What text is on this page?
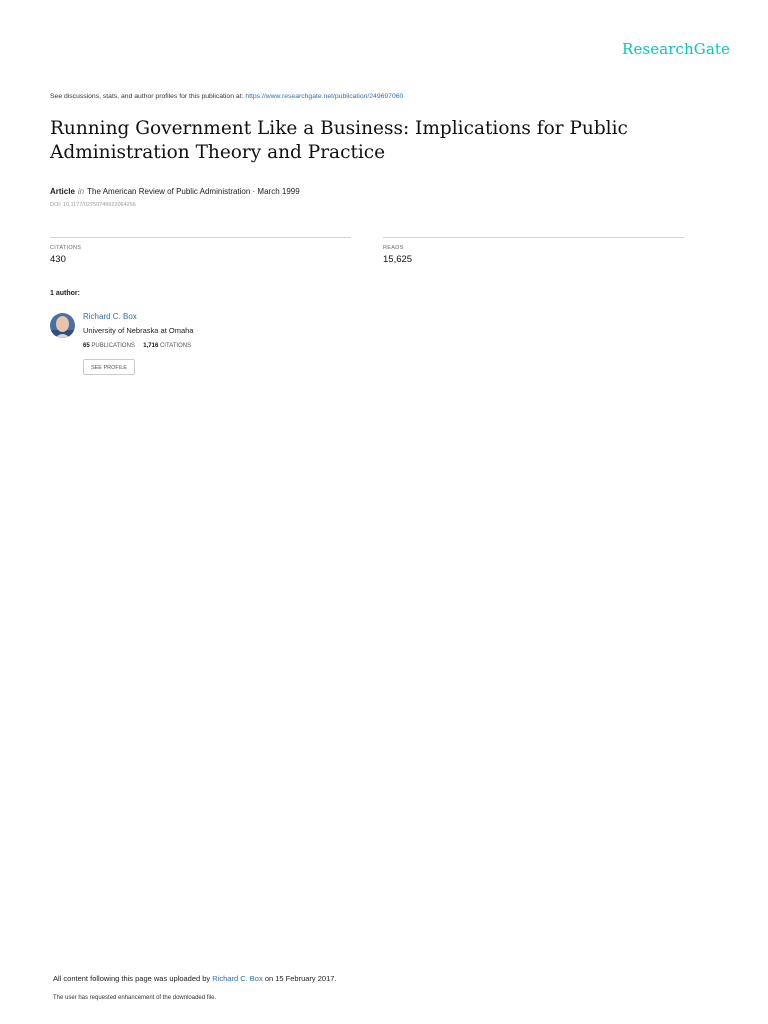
ResearchGate
See discussions, stats, and author profiles for this publication at: https://www.researchgate.net/publication/249697060
Running Government Like a Business: Implications for Public Administration Theory and Practice
Article in The American Review of Public Administration · March 1999
DOI: 10.1177/02750749922064256
CITATIONS
430
READS
15,625
1 author:
Richard C. Box
University of Nebraska at Omaha
65 PUBLICATIONS 1,716 CITATIONS
SEE PROFILE
All content following this page was uploaded by Richard C. Box on 15 February 2017.
The user has requested enhancement of the downloaded file.
